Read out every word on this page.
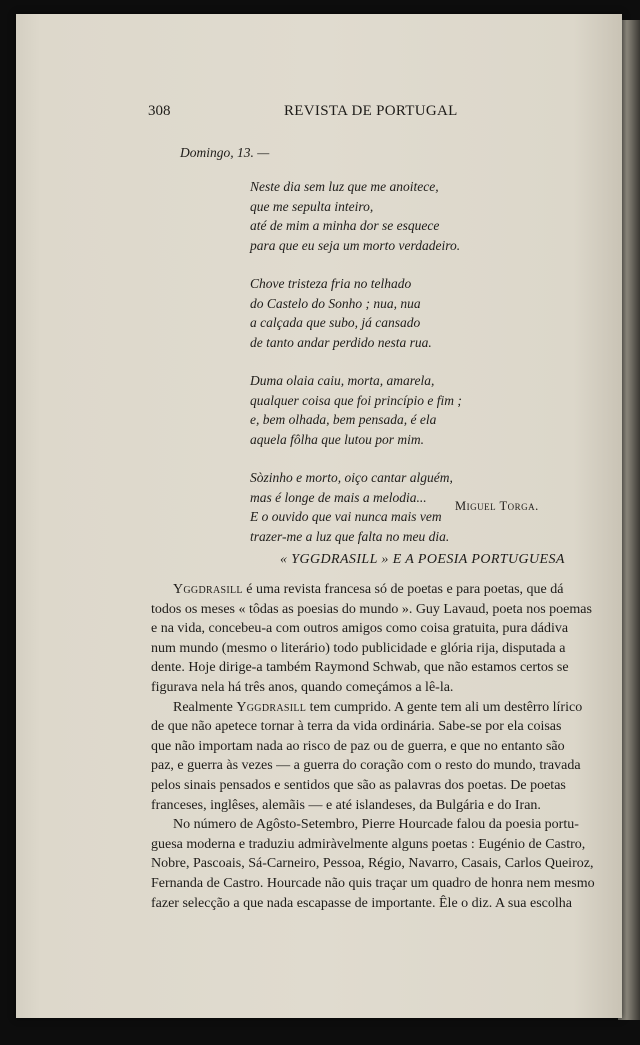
308	REVISTA DE PORTUGAL
Domingo, 13. —
Neste dia sem luz que me anoitece,
que me sepulta inteiro,
até de mim a minha dor se esquece
para que eu seja um morto verdadeiro.
Chove tristeza fria no telhado
do Castelo do Sonho ; nua, nua
a calçada que subo, já cansado
de tanto andar perdido nesta rua.
Duma olaia caiu, morta, amarela,
qualquer coisa que foi princípio e fim ;
e, bem olhada, bem pensada, é ela
aquela fôlha que lutou por mim.
Sòzinho e morto, oiço cantar alguém,
mas é longe de mais a melodia...
E o ouvido que vai nunca mais vem
trazer-me a luz que falta no meu dia.
Miguel Torga.
« YGGDRASILL » E A POESIA PORTUGUESA
Yggdrasill é uma revista francesa só de poetas e para poetas, que dá
todos os meses « tôdas as poesias do mundo ». Guy Lavaud, poeta nos poemas
e na vida, concebeu-a com outros amigos como coisa gratuita, pura dádiva
num mundo (mesmo o literário) todo publicidade e glória rija, disputada a
dente. Hoje dirige-a também Raymond Schwab, que não estamos certos se
figurava nela há três anos, quando começámos a lê-la.
Realmente Yggdrasill tem cumprido. A gente tem ali um destêrro lírico
de que não apetece tornar à terra da vida ordinária. Sabe-se por ela coisas
que não importam nada ao risco de paz ou de guerra, e que no entanto são
paz, e guerra às vezes — a guerra do coração com o resto do mundo, travada
pelos sinais pensados e sentidos que são as palavras dos poetas. De poetas
franceses, inglêses, alemãis — e até islandeses, da Bulgária e do Iran.
No número de Agôsto-Setembro, Pierre Hourcade falou da poesia portu-
guesa moderna e traduziu admiràvelmente alguns poetas : Eugénio de Castro,
Nobre, Pascoais, Sá-Carneiro, Pessoa, Régio, Navarro, Casais, Carlos Queiroz,
Fernanda de Castro. Hourcade não quis traçar um quadro de honra nem mesmo
fazer selecção a que nada escapasse de importante. Êle o diz. A sua escolha
